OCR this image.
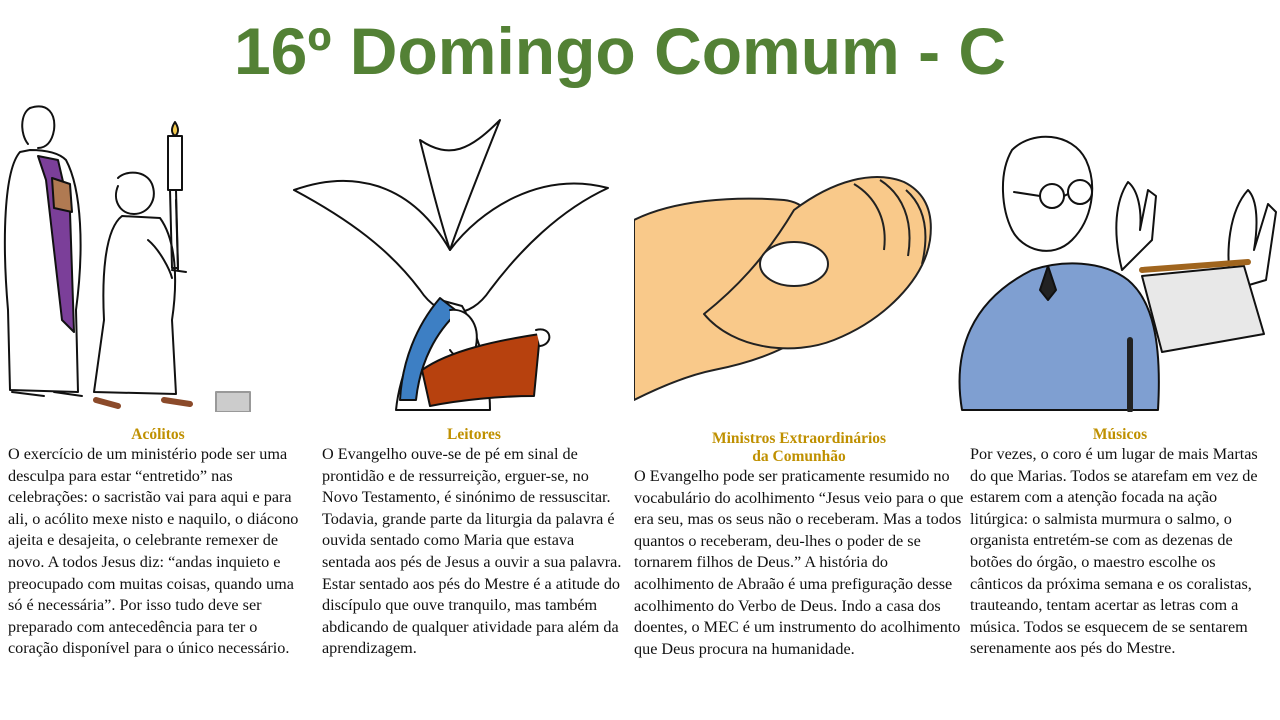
16º Domingo Comum - C
Acólitos
O exercício de um ministério pode ser uma desculpa para estar “entretido” nas celebrações: o sacristão vai para aqui e para ali, o acólito mexe nisto e naquilo, o diácono ajeita e desajeita, o celebrante remexer de novo. A todos Jesus diz: “andas inquieto e preocupado com muitas coisas, quando uma só é necessária”. Por isso tudo deve ser preparado com antecedência para ter o coração disponível para o único necessário.
Leitores
O Evangelho ouve-se de pé em sinal de prontidão e de ressurreição, erguer-se, no Novo Testamento, é sinónimo de ressuscitar. Todavia, grande parte da liturgia da palavra é ouvida sentado como Maria que estava sentada aos pés de Jesus a ouvir a sua palavra. Estar sentado aos pés do Mestre é a atitude do discípulo que ouve tranquilo, mas também abdicando de qualquer atividade para além da aprendizagem.
Ministros Extraordinários
da Comunhão
O Evangelho pode ser praticamente resumido no vocabulário do acolhimento “Jesus veio para o que era seu, mas os seus não o receberam. Mas a todos quantos o receberam, deu-lhes o poder de se tornarem filhos de Deus.” A história do acolhimento de Abraão é uma prefiguração desse acolhimento do Verbo de Deus. Indo a casa dos doentes, o MEC é um instrumento do acolhimento que Deus procura na humanidade.
Músicos
Por vezes, o coro é um lugar de mais Martas do que Marias. Todos se atarefam em vez de estarem com a atenção focada na ação litúrgica: o salmista murmura o salmo, o organista entretém-se com as dezenas de botões do órgão, o maestro escolhe os cânticos da próxima semana e os coralistas, trauteando, tentam acertar as letras com a música. Todos se esquecem de se sentarem serenamente aos pés do Mestre.
